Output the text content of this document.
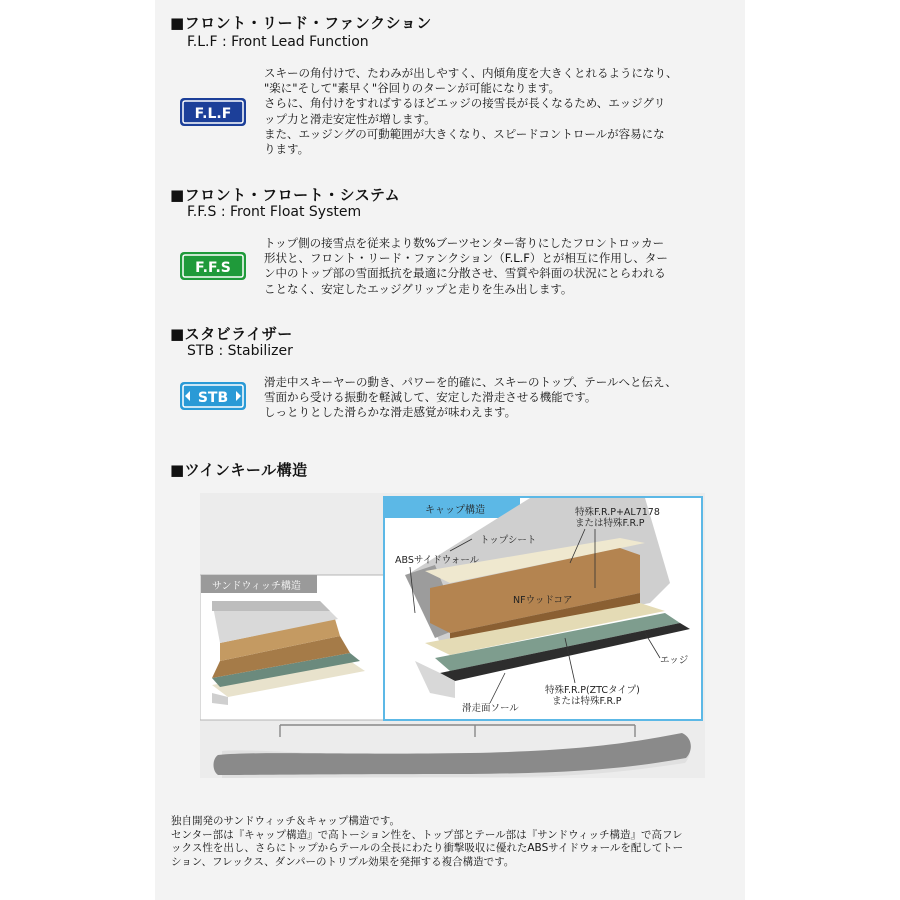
■フロント・リード・ファンクション
F.L.F : Front Lead Function
F.L.F
スキーの角付けで、たわみが出しやすく、内傾角度を大きくとれるようになり、
"楽に"そして"素早く"谷回りのターンが可能になります。
さらに、角付けをすればするほどエッジの接雪長が長くなるため、エッジグリ
ップ力と滑走安定性が増します。
また、エッジングの可動範囲が大きくなり、スピードコントロールが容易にな
ります。
■フロント・フロート・システム
F.F.S : Front Float System
F.F.S
トップ側の接雪点を従来より数%ブーツセンター寄りにしたフロントロッカー
形状と、フロント・リード・ファンクション（F.L.F）とが相互に作用し、ター
ン中のトップ部の雪面抵抗を最適に分散させ、雪質や斜面の状況にとらわれる
ことなく、安定したエッジグリップと走りを生み出します。
■スタビライザー
STB : Stabilizer
STB
滑走中スキーヤーの動き、パワーを的確に、スキーのトップ、テールへと伝え、
雪面から受ける振動を軽減して、安定した滑走させる機能です。
しっとりとした滑らかな滑走感覚が味わえます。
■ツインキール構造
サンドウィッチ構造
キャップ構造
トップシート
ABSサイドウォール
特殊F.R.P+AL7178
または特殊F.R.P
NFウッドコア
エッジ
特殊F.R.P(ZTCタイプ)
または特殊F.R.P
滑走面ソール
独自開発のサンドウィッチ＆キャップ構造です。
センター部は『キャップ構造』で高トーション性を、トップ部とテール部は『サンドウィッチ構造』で高フレ
ックス性を出し、さらにトップからテールの全長にわたり衝撃吸収に優れたABSサイドウォールを配してトー
ション、フレックス、ダンパーのトリプル効果を発揮する複合構造です。
